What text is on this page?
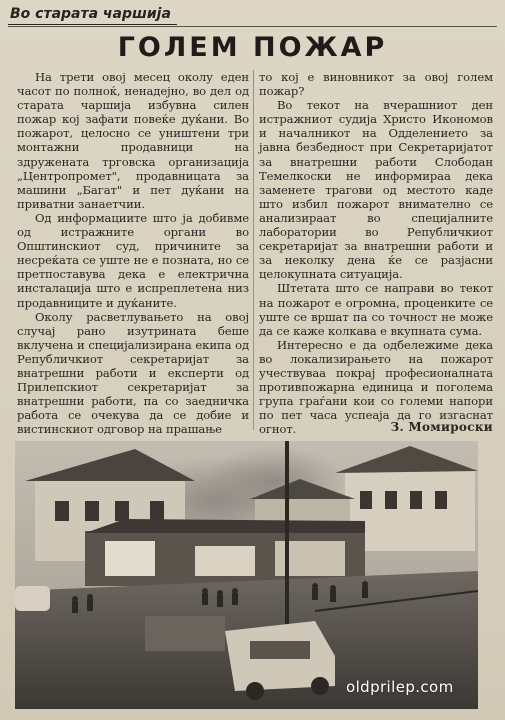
Во старата чаршија
ГОЛЕМ ПОЖАР

На трети овој месец околу еден часот по полноќ, ненадејно, во дел од старата чаршија избувна силен пожар кој зафати повеќе дуќани. Во пожарот, целосно се уништени три монтажни продавници на здружената трговска организација „Центропромет", продавницата за машини „Багат" и пет дуќани на приватни занаетчии.

Од информациите што ја добивме од истражните органи во Општинскиот суд, причините за несреќата се уште не е позната, но се претпоставува дека е електрична инсталација што е испреплетена низ продавниците и дуќаните.

Околу расветлувањето на овој случај рано изутрината беше вклучена и специјализирана екипа од Републичкиот секретаријат за внатрешни работи и експерти од Прилепскиот секретаријат за внатрешни работи, па со заедничка работа се очекува да се добие и вистинскиот одговор на прашање

то кој е виновникот за овој голем пожар?

Во текот на вчерашниот ден истражниот судија Христо Икономов и началникот на Одделението за јавна безбедност при Секретаријатот за внатрешни работи Слободан Темелкоски не информираа дека заменете трагови од местото каде што избил пожарот внимателно се анализираат во специјалните лаборатории во Републичкиот секретаријат за внатрешни работи и за неколку дена ќе се разјасни целокупната ситуација.

Штетата што се направи во текот на пожарот е огромна, проценките се уште се вршат па со точност не може да се каже колкава е вкупната сума.

Интересно е да одбележиме дека во локализирањето на пожарот учествуваа покрај професионалната противпожарна единица и поголема група граѓани кои со големи напори по пет часа успеаја да го изгаснат огнот.	З. Момироски
oldprilep.com
